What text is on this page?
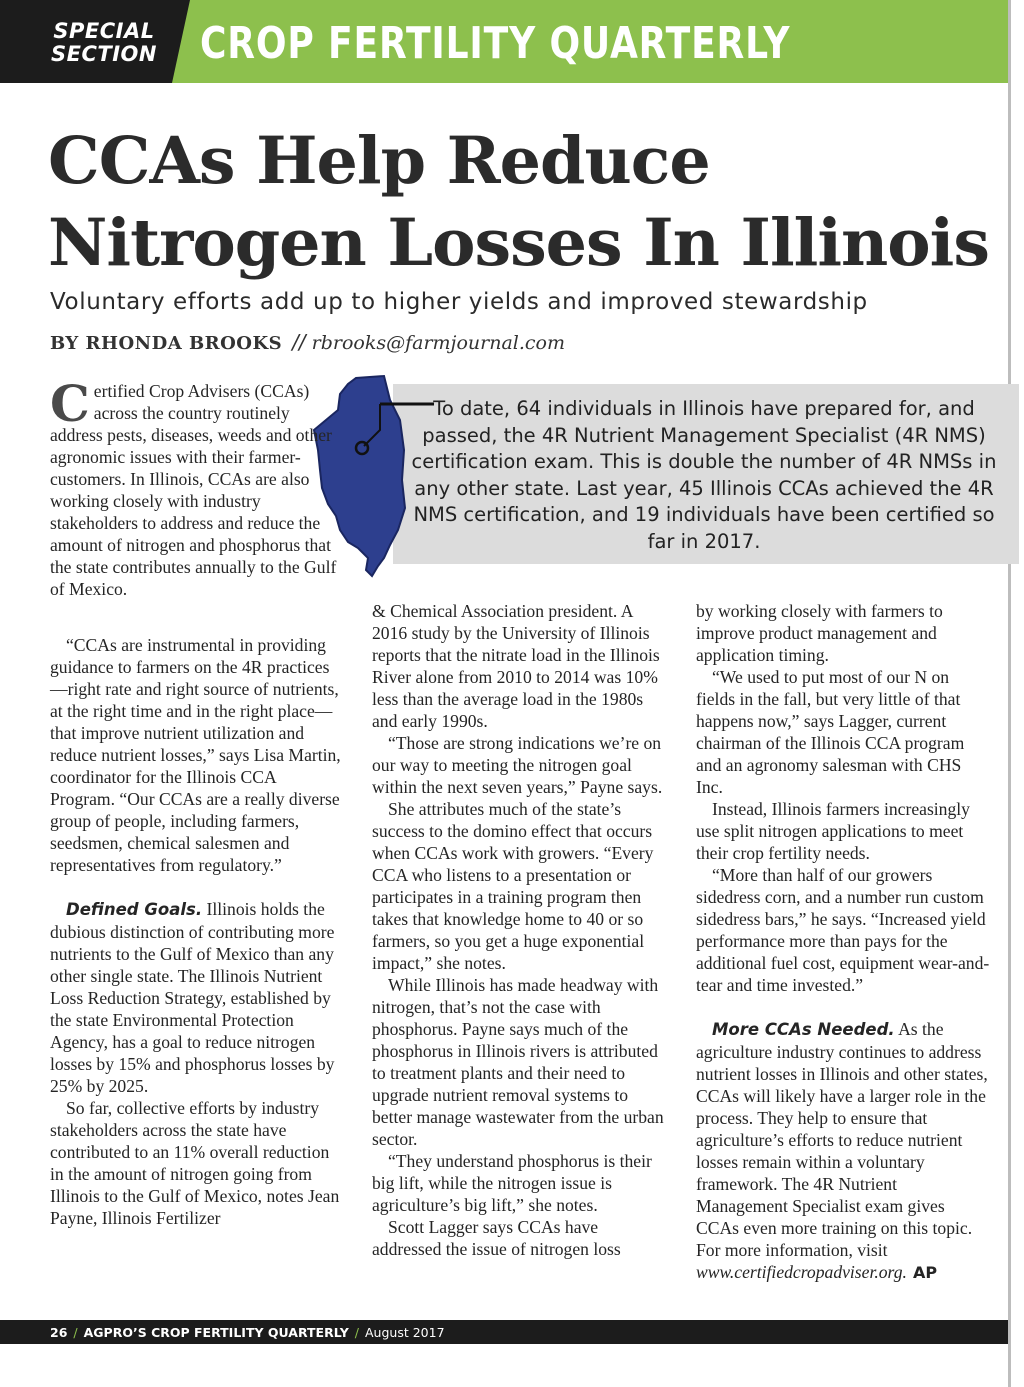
SPECIAL
SECTION CROP FERTILITY QUARTERLY
CCAs Help Reduce Nitrogen Losses In Illinois
Voluntary efforts add up to higher yields and improved stewardship
BY RHONDA BROOKS // rbrooks@farmjournal.com

To date, 64 individuals in Illinois have prepared for, and passed, the 4R Nutrient Management Specialist (4R NMS) certification exam. This is double the number of 4R NMSs in any other state. Last year, 45 Illinois CCAs achieved the 4R NMS certification, and 19 individuals have been certified so far in 2017.

Certified Crop Advisers (CCAs) across the country routinely address pests, diseases, weeds and other agronomic issues with their farmer-customers. In Illinois, CCAs are also working closely with industry stakeholders to address and reduce the amount of nitrogen and phosphorus that the state contributes annually to the Gulf of Mexico.

“CCAs are instrumental in providing guidance to farmers on the 4R practices—right rate and right source of nutrients, at the right time and in the right place—that improve nutrient utilization and reduce nutrient losses,” says Lisa Martin, coordinator for the Illinois CCA Program. “Our CCAs are a really diverse group of people, including farmers, seedsmen, chemical salesmen and representatives from regulatory.”

Defined Goals. Illinois holds the dubious distinction of contributing more nutrients to the Gulf of Mexico than any other single state. The Illinois Nutrient Loss Reduction Strategy, established by the state Environmental Protection Agency, has a goal to reduce nitrogen losses by 15% and phosphorus losses by 25% by 2025.

So far, collective efforts by industry stakeholders across the state have contributed to an 11% overall reduction in the amount of nitrogen going from Illinois to the Gulf of Mexico, notes Jean Payne, Illinois Fertilizer

& Chemical Association president. A 2016 study by the University of Illinois reports that the nitrate load in the Illinois River alone from 2010 to 2014 was 10% less than the average load in the 1980s and early 1990s.

“Those are strong indications we’re on our way to meeting the nitrogen goal within the next seven years,” Payne says.

She attributes much of the state’s success to the domino effect that occurs when CCAs work with growers. “Every CCA who listens to a presentation or participates in a training program then takes that knowledge home to 40 or so farmers, so you get a huge exponential impact,” she notes.

While Illinois has made headway with nitrogen, that’s not the case with phosphorus. Payne says much of the phosphorus in Illinois rivers is attributed to treatment plants and their need to upgrade nutrient removal systems to better manage wastewater from the urban sector.

“They understand phosphorus is their big lift, while the nitrogen issue is agriculture’s big lift,” she notes.

Scott Lagger says CCAs have addressed the issue of nitrogen loss

by working closely with farmers to improve product management and application timing.

“We used to put most of our N on fields in the fall, but very little of that happens now,” says Lagger, current chairman of the Illinois CCA program and an agronomy salesman with CHS Inc.

Instead, Illinois farmers increasingly use split nitrogen applications to meet their crop fertility needs.

“More than half of our growers sidedress corn, and a number run custom sidedress bars,” he says. “Increased yield performance more than pays for the additional fuel cost, equipment wear-and-tear and time invested.”

More CCAs Needed. As the agriculture industry continues to address nutrient losses in Illinois and other states, CCAs will likely have a larger role in the process. They help to ensure that agriculture’s efforts to reduce nutrient losses remain within a voluntary framework. The 4R Nutrient Management Specialist exam gives CCAs even more training on this topic. For more information, visit www.certifiedcropadviser.org. AP

26 / AGPRO’S CROP FERTILITY QUARTERLY / August 2017
